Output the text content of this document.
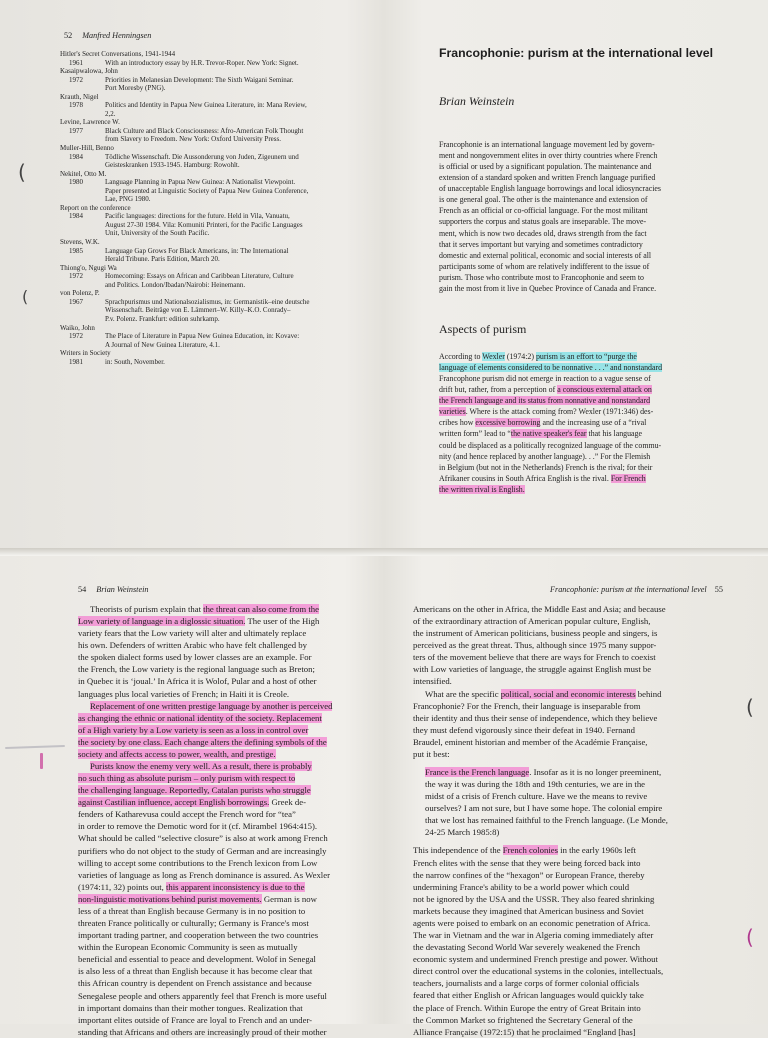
52 Manfred Henningsen
Hitler's Secret Conversations, 1941-1944
1961	With an introductory essay by H.R. Trevor-Roper. New York: Signet.
Kasaipwalowa, John
1972	Priorities in Melanesian Development: The Sixth Waigani Seminar.
Port Moresby (PNG).
Krauth, Nigel
1978	Politics and Identity in Papua New Guinea Literature, in: Mana Review,
2,2.
Levine, Lawrence W.
1977	Black Culture and Black Consciousness: Afro-American Folk Thought
from Slavery to Freedom. New York: Oxford University Press.
Muller-Hill, Benno
1984	Tödliche Wissenschaft. Die Aussonderung von Juden, Zigeunern und
Geisteskranken 1933-1945. Hamburg: Rowohlt.
Nekitel, Otto M.
1980	Language Planning in Papua New Guinea: A Nationalist Viewpoint.
Paper presented at Linguistic Society of Papua New Guinea Conference,
Lae, PNG 1980.
Report on the conference
1984	Pacific languages: directions for the future. Held in Vila, Vanuatu,
August 27-30 1984. Vila: Komuniti Printeri, for the Pacific Languages
Unit, University of the South Pacific.
Stevens, W.K.
1985	Language Gap Grows For Black Americans, in: The International
Herald Tribune. Paris Edition, March 20.
Thiong'o, Ngugi Wa
1972	Homecoming: Essays on African and Caribbean Literature, Culture
and Politics. London/Ibadan/Nairobi: Heinemann.
von Polenz, P.
1967	Sprachpurismus und Nationalsozialismus, in: Germanistik–eine deutsche
Wissenschaft. Beiträge von E. Lämmert–W. Killy–K.O. Conrady–
P.v. Polenz. Frankfurt: edition suhrkamp.
Waiko, John
1972	The Place of Literature in Papua New Guinea Education, in: Kovave:
A Journal of New Guinea Literature, 4.1.
Writers in Society
1981	in: South, November.
(
(
Francophonie: purism at the international level
Brian Weinstein
Francophonie is an international language movement led by govern-
ment and nongovernment elites in over thirty countries where French
is official or used by a significant population. The maintenance and
extension of a standard spoken and written French language purified
of unacceptable English language borrowings and local idiosyncracies
is one general goal. The other is the maintenance and extension of
French as an official or co-official language. For the most militant
supporters the corpus and status goals are inseparable. The move-
ment, which is now two decades old, draws strength from the fact
that it serves important but varying and sometimes contradictory
domestic and external political, economic and social interests of all
participants some of whom are relatively indifferent to the issue of
purism. Those who contribute most to Francophonie and seem to
gain the most from it live in Quebec Province of Canada and France.
Aspects of purism
According to Wexler (1974:2) purism is an effort to “purge the
language of elements considered to be nonnative . . .” and nonstandard
Francophone purism did not emerge in reaction to a vague sense of
drift but, rather, from a perception of a conscious external attack on
the French language and its status from nonnative and nonstandard
varieties. Where is the attack coming from? Wexler (1971:346) des-
cribes how excessive borrowing and the increasing use of a “rival
written form” lead to “the native speaker's fear that his language
could be displaced as a politically recognized language of the commu-
nity (and hence replaced by another language). . .” For the Flemish
in Belgium (but not in the Netherlands) French is the rival; for their
Afrikaner cousins in South Africa English is the rival. For French
the written rival is English.
54 Brian Weinstein
Theorists of purism explain that the threat can also come from the
Low variety of language in a diglossic situation. The user of the High
variety fears that the Low variety will alter and ultimately replace
his own. Defenders of written Arabic who have felt challenged by
the spoken dialect forms used by lower classes are an example. For
the French, the Low variety is the regional language such as Breton;
in Quebec it is ‘joual.’ In Africa it is Wolof, Pular and a host of other
languages plus local varieties of French; in Haiti it is Creole.
Replacement of one written prestige language by another is perceived
as changing the ethnic or national identity of the society. Replacement
of a High variety by a Low variety is seen as a loss in control over
the society by one class. Each change alters the defining symbols of the
society and affects access to power, wealth, and prestige.
Purists know the enemy very well. As a result, there is probably
no such thing as absolute purism – only purism with respect to
the challenging language. Reportedly, Catalan purists who struggle
against Castilian influence, accept English borrowings. Greek de-
fenders of Katharevusa could accept the French word for “tea”
in order to remove the Demotic word for it (cf. Mirambel 1964:415).
What should be called “selective closure” is also at work among French
purifiers who do not object to the study of German and are increasingly
willing to accept some contributions to the French lexicon from Low
varieties of language as long as French dominance is assured. As Wexler
(1974:11, 32) points out, this apparent inconsistency is due to the
non-linguistic motivations behind purist movements. German is now
less of a threat than English because Germany is in no position to
threaten France politically or culturally; Germany is France's most
important trading partner, and cooperation between the two countries
within the European Economic Community is seen as mutually
beneficial and essential to peace and development. Wolof in Senegal
is also less of a threat than English because it has become clear that
this African country is dependent on French assistance and because
Senegalese people and others apparently feel that French is more useful
in important domains than their mother tongues. Realization that
important elites outside of France are loyal to French and an under-
standing that Africans and others are increasingly proud of their mother
Francophonie: purism at the international level 55
Americans on the other in Africa, the Middle East and Asia; and because
of the extraordinary attraction of American popular culture, English,
the instrument of American politicians, business people and singers, is
perceived as the great threat. Thus, although since 1975 many suppor-
ters of the movement believe that there are ways for French to coexist
with Low varieties of language, the struggle against English must be
intensified.
What are the specific political, social and economic interests behind
Francophonie? For the French, their language is inseparable from
their identity and thus their sense of independence, which they believe
they must defend vigorously since their defeat in 1940. Fernand
Braudel, eminent historian and member of the Académie Française,
put it best:
France is the French language. Insofar as it is no longer preeminent,
the way it was during the 18th and 19th centuries, we are in the
midst of a crisis of French culture. Have we the means to revive
ourselves? I am not sure, but I have some hope. The colonial empire
that we lost has remained faithful to the French language. (Le Monde,
24-25 March 1985:8)
This independence of the French colonies in the early 1960s left
French elites with the sense that they were being forced back into
the narrow confines of the “hexagon” or European France, thereby
undermining France's ability to be a world power which could
not be ignored by the USA and the USSR. They also feared shrinking
markets because they imagined that American business and Soviet
agents were poised to embark on an economic penetration of Africa.
The war in Vietnam and the war in Algeria coming immediately after
the devastating Second World War severely weakened the French
economic system and undermined French prestige and power. Without
direct control over the educational systems in the colonies, intellectuals,
teachers, journalists and a large corps of former colonial officials
feared that either English or African languages would quickly take
the place of French. Within Europe the entry of Great Britain into
the Common Market so frightened the Secretary General of the
Alliance Française (1972:15) that he proclaimed “England [has]
(
(
